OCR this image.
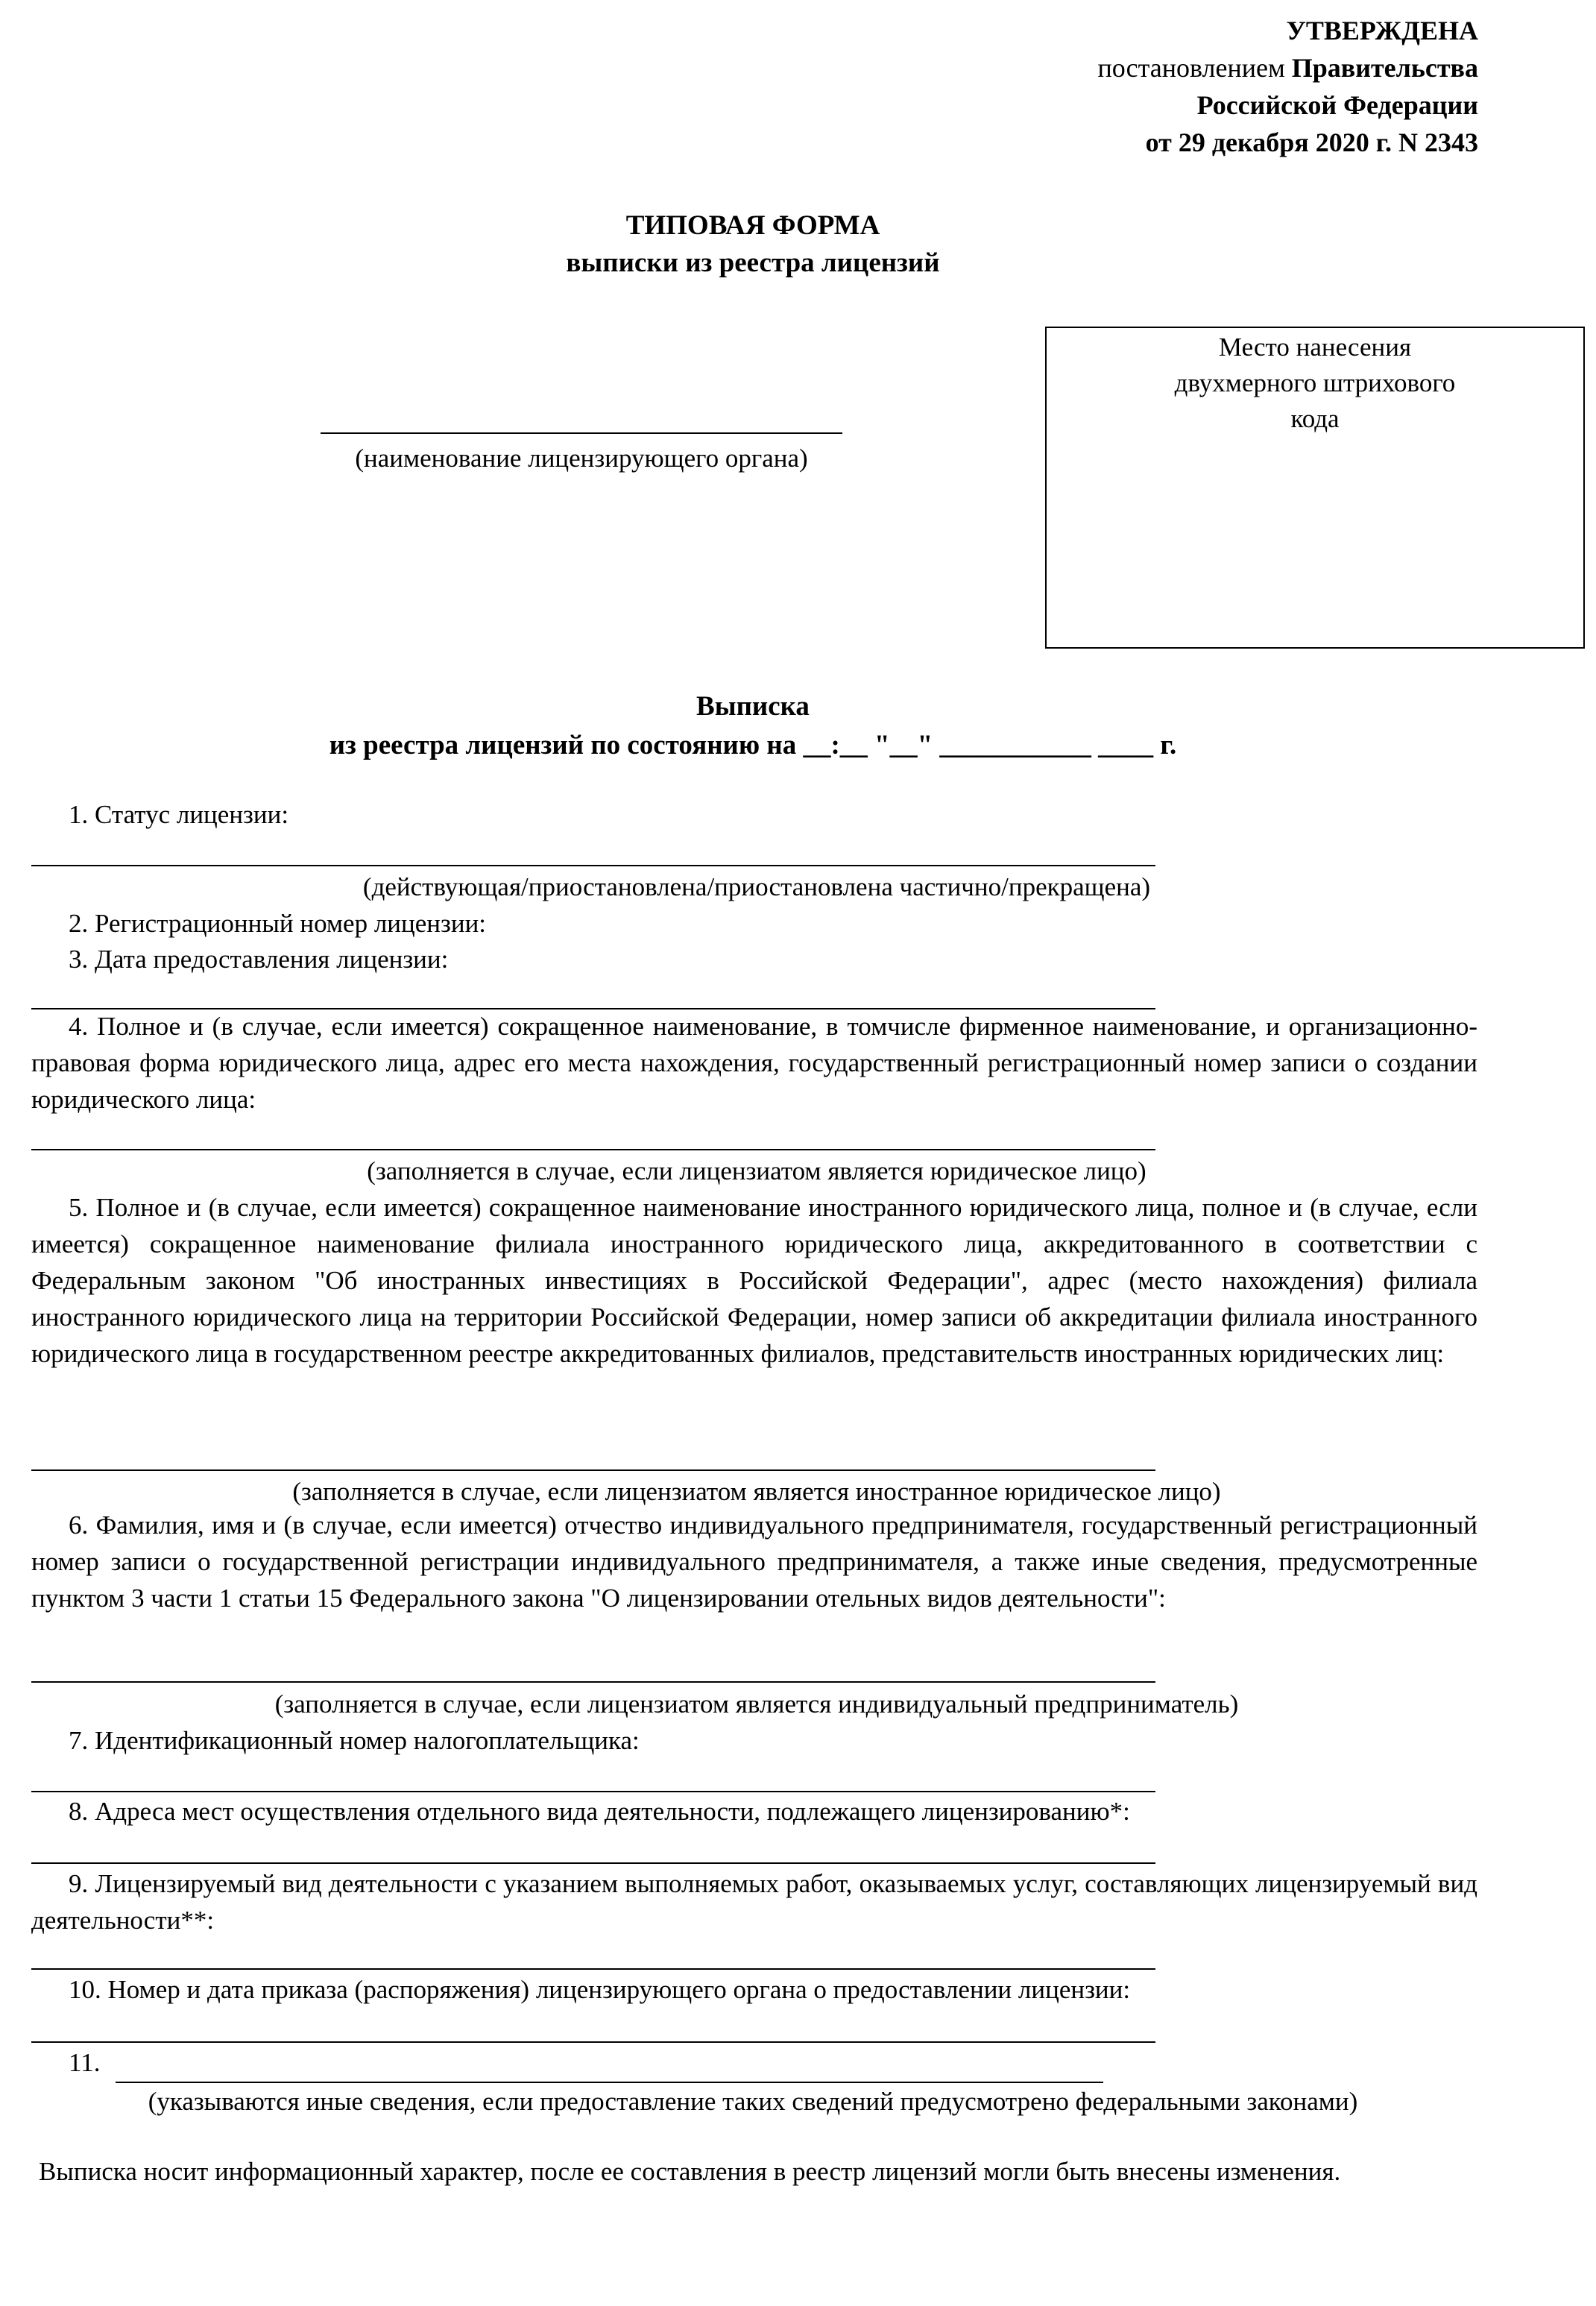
УТВЕРЖДЕНА
постановлением Правительства
Российской Федерации
от 29 декабря 2020 г. N 2343
ТИПОВАЯ ФОРМА
выписки из реестра лицензий
Место нанесения
двухмерного штрихового
кода
(наименование лицензирующего органа)
Выписка
из реестра лицензий по состоянию на __:__ "__" ___________ ____ г.
1. Статус лицензии:
(действующая/приостановлена/приостановлена частично/прекращена)
2. Регистрационный номер лицензии:
3. Дата предоставления лицензии:
4. Полное и (в случае, если имеется) сокращенное наименование, в томчисле фирменное наименование, и организационно-правовая форма юридического лица, адрес его места нахождения, государственный регистрационный номер записи о создании юридического лица:
(заполняется в случае, если лицензиатом является юридическое лицо)
5. Полное и (в случае, если имеется) сокращенное наименование иностранного юридического лица, полное и (в случае, если имеется) сокращенное наименование филиала иностранного юридического лица, аккредитованного в соответствии с Федеральным законом "Об иностранных инвестициях в Российской Федерации", адрес (место нахождения) филиала иностранного юридического лица на территории Российской Федерации, номер записи об аккредитации филиала иностранного юридического лица в государственном реестре аккредитованных филиалов, представительств иностранных юридических лиц:
(заполняется в случае, если лицензиатом является иностранное юридическое лицо)
6. Фамилия, имя и (в случае, если имеется) отчество индивидуального предпринимателя, государственный регистрационный номер записи о государственной регистрации индивидуального предпринимателя, а также иные сведения, предусмотренные пунктом 3 части 1 статьи 15 Федерального закона "О лицензировании отельных видов деятельности":
(заполняется в случае, если лицензиатом является индивидуальный предприниматель)
7. Идентификационный номер налогоплательщика:
8. Адреса мест осуществления отдельного вида деятельности, подлежащего лицензированию*:
9. Лицензируемый вид деятельности с указанием выполняемых работ, оказываемых услуг, составляющих лицензируемый вид деятельности**:
10. Номер и дата приказа (распоряжения) лицензирующего органа о предоставлении лицензии:
11.
(указываются иные сведения, если предоставление таких сведений предусмотрено федеральными законами)
Выписка носит информационный характер, после ее составления в реестр лицензий могли быть внесены изменения.
